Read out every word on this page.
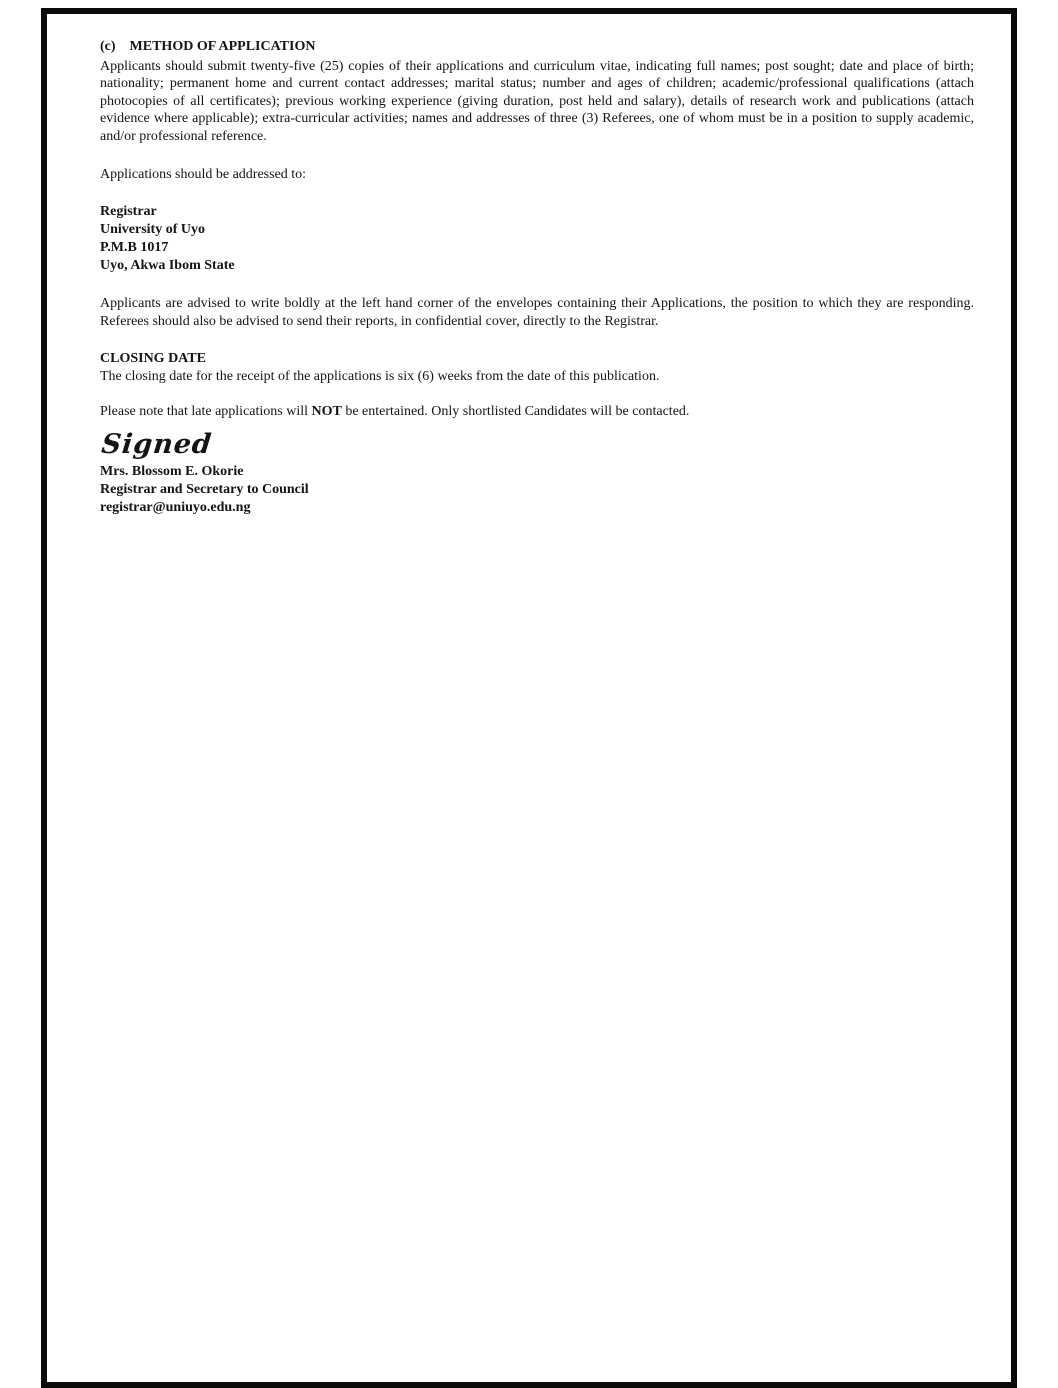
(c) METHOD OF APPLICATION

Applicants should submit twenty-five (25) copies of their applications and curriculum vitae, indicating full names; post sought; date and place of birth; nationality; permanent home and current contact addresses; marital status; number and ages of children; academic/professional qualifications (attach photocopies of all certificates); previous working experience (giving duration, post held and salary), details of research work and publications (attach evidence where applicable); extra-curricular activities; names and addresses of three (3) Referees, one of whom must be in a position to supply academic, and/or professional reference.

Applications should be addressed to:

Registrar
University of Uyo
P.M.B 1017
Uyo, Akwa Ibom State

Applicants are advised to write boldly at the left hand corner of the envelopes containing their Applications, the position to which they are responding. Referees should also be advised to send their reports, in confidential cover, directly to the Registrar.

CLOSING DATE

The closing date for the receipt of the applications is six (6) weeks from the date of this publication.

Please note that late applications will NOT be entertained. Only shortlisted Candidates will be contacted.

Signed
Mrs. Blossom E. Okorie
Registrar and Secretary to Council
registrar@uniuyo.edu.ng
